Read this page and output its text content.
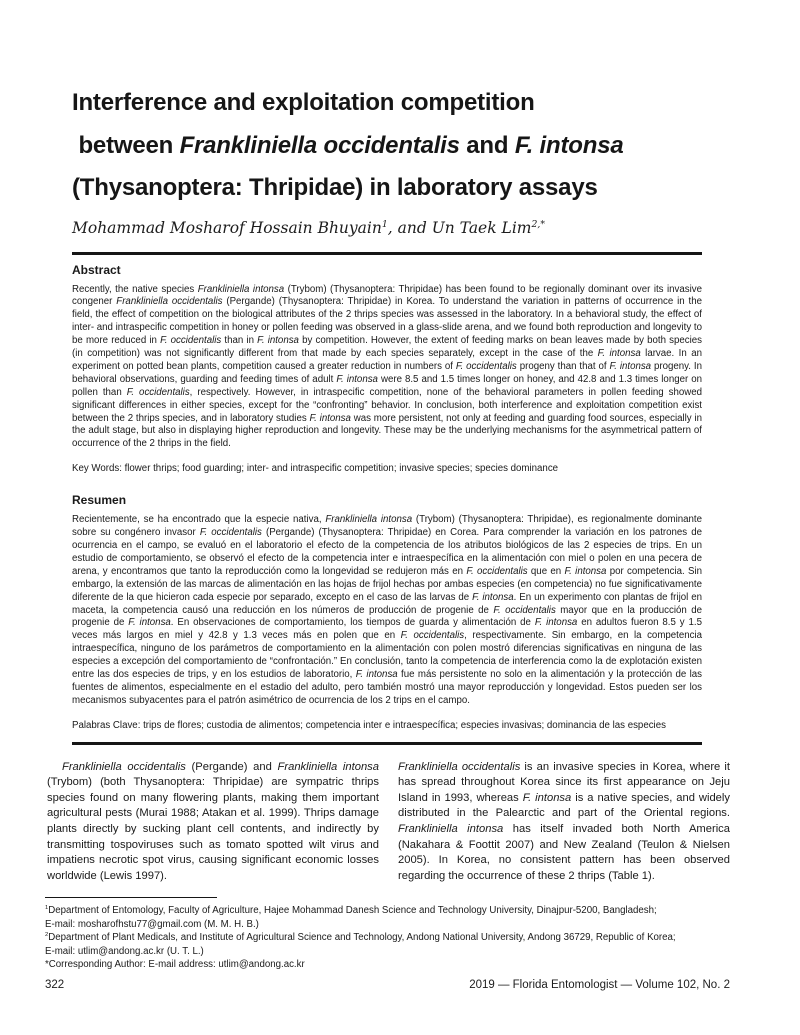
Interference and exploitation competition
between Frankliniella occidentalis and F. intonsa
(Thysanoptera: Thripidae) in laboratory assays

Mohammad Mosharof Hossain Bhuyain$^1$, and Un Taek Lim$^{2,*}$

Abstract

Recently, the native species Frankliniella intonsa (Trybom) (Thysanoptera: Thripidae) has been found to be regionally dominant over its invasive congener Frankliniella occidentalis (Pergande) (Thysanoptera: Thripidae) in Korea. To understand the variation in patterns of occurrence in the field, the effect of competition on the biological attributes of the 2 thrips species was assessed in the laboratory. In a behavioral study, the effect of inter- and intraspecific competition in honey or pollen feeding was observed in a glass-slide arena, and we found both reproduction and longevity to be more reduced in F. occidentalis than in F. intonsa by competition. However, the extent of feeding marks on bean leaves made by both species (in competition) was not significantly different from that made by each species separately, except in the case of the F. intonsa larvae. In an experiment on potted bean plants, competition caused a greater reduction in numbers of F. occidentalis progeny than that of F. intonsa progeny. In behavioral observations, guarding and feeding times of adult F. intonsa were 8.5 and 1.5 times longer on honey, and 42.8 and 1.3 times longer on pollen than F. occidentalis, respectively. However, in intraspecific competition, none of the behavioral parameters in pollen feeding showed significant differences in either species, except for the “confronting” behavior. In conclusion, both interference and exploitation competition exist between the 2 thrips species, and in laboratory studies F. intonsa was more persistent, not only at feeding and guarding food sources, especially in the adult stage, but also in displaying higher reproduction and longevity. These may be the underlying mechanisms for the asymmetrical pattern of occurrence of the 2 thrips in the field.

Key Words: flower thrips; food guarding; inter- and intraspecific competition; invasive species; species dominance

Resumen

Recientemente, se ha encontrado que la especie nativa, Frankliniella intonsa (Trybom) (Thysanoptera: Thripidae), es regionalmente dominante sobre su congénero invasor F. occidentalis (Pergande) (Thysanoptera: Thripidae) en Corea. Para comprender la variación en los patrones de ocurrencia en el campo, se evaluó en el laboratorio el efecto de la competencia de los atributos biológicos de las 2 especies de trips. En un estudio de comportamiento, se observó el efecto de la competencia inter e intraespecífica en la alimentación con miel o polen en una pecera de arena, y encontramos que tanto la reproducción como la longevidad se redujeron más en F. occidentalis que en F. intonsa por competencia. Sin embargo, la extensión de las marcas de alimentación en las hojas de frijol hechas por ambas especies (en competencia) no fue significativamente diferente de la que hicieron cada especie por separado, excepto en el caso de las larvas de F. intonsa. En un experimento con plantas de frijol en maceta, la competencia causó una reducción en los números de producción de progenie de F. occidentalis mayor que en la producción de progenie de F. intonsa. En observaciones de comportamiento, los tiempos de guarda y alimentación de F. intonsa en adultos fueron 8.5 y 1.5 veces más largos en miel y 42.8 y 1.3 veces más en polen que en F. occidentalis, respectivamente. Sin embargo, en la competencia intraespecífica, ninguno de los parámetros de comportamiento en la alimentación con polen mostró diferencias significativas en ninguna de las especies a excepción del comportamiento de “confrontación.” En conclusión, tanto la competencia de interferencia como la de explotación existen entre las dos especies de trips, y en los estudios de laboratorio, F. intonsa fue más persistente no solo en la alimentación y la protección de las fuentes de alimentos, especialmente en el estadio del adulto, pero también mostró una mayor reproducción y longevidad. Estos pueden ser los mecanismos subyacentes para el patrón asimétrico de ocurrencia de los 2 trips en el campo.

Palabras Clave: trips de flores; custodia de alimentos; competencia inter e intraespecífica; especies invasivas; dominancia de las especies

Frankliniella occidentalis (Pergande) and Frankliniella intonsa (Trybom) (both Thysanoptera: Thripidae) are sympatric thrips species found on many flowering plants, making them important agricultural pests (Murai 1988; Atakan et al. 1999). Thrips damage plants directly by sucking plant cell contents, and indirectly by transmitting tospoviruses such as tomato spotted wilt virus and impatiens necrotic spot virus, causing significant economic losses worldwide (Lewis 1997).

Frankliniella occidentalis is an invasive species in Korea, where it has spread throughout Korea since its first appearance on Jeju Island in 1993, whereas F. intonsa is a native species, and widely distributed in the Palearctic and part of the Oriental regions. Frankliniella intonsa has itself invaded both North America (Nakahara & Foottit 2007) and New Zealand (Teulon & Nielsen 2005). In Korea, no consistent pattern has been observed regarding the occurrence of these 2 thrips (Table 1).

$^1$Department of Entomology, Faculty of Agriculture, Hajee Mohammad Danesh Science and Technology University, Dinajpur-5200, Bangladesh;
E-mail: mosharofhstu77@gmail.com (M. M. H. B.)
$^2$Department of Plant Medicals, and Institute of Agricultural Science and Technology, Andong National University, Andong 36729, Republic of Korea;
E-mail: utlim@andong.ac.kr (U. T. L.)
*Corresponding Author: E-mail address: utlim@andong.ac.kr
322	2019 — Florida Entomologist — Volume 102, No. 2
